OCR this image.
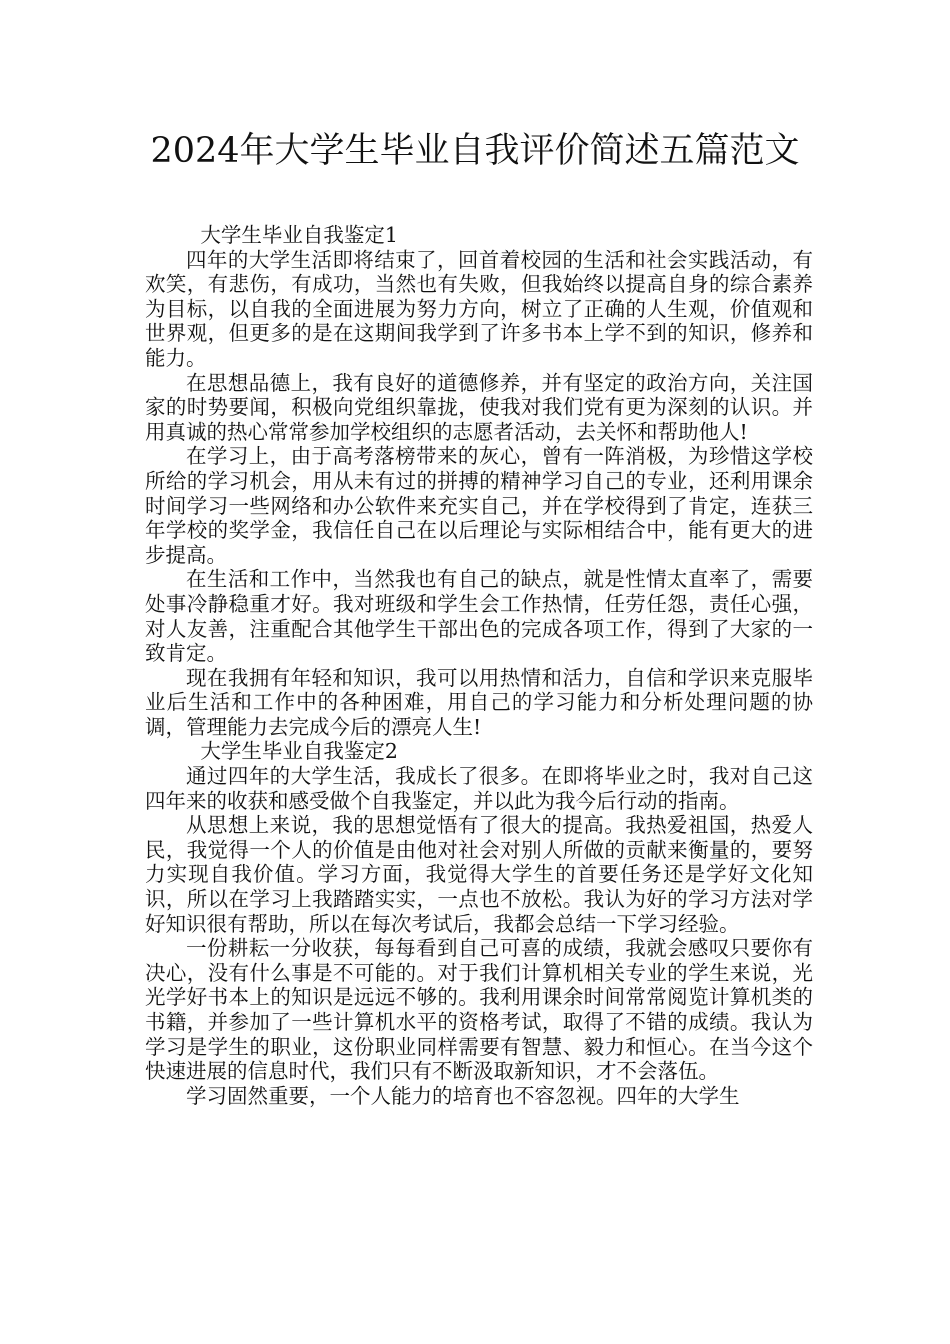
2024年大学生毕业自我评价简述五篇范文

大学生毕业自我鉴定1

四年的大学生活即将结束了，回首着校园的生活和社会实践活动，有欢笑，有悲伤，有成功，当然也有失败，但我始终以提高自身的综合素养为目标，以自我的全面进展为努力方向，树立了正确的人生观，价值观和世界观，但更多的是在这期间我学到了许多书本上学不到的知识，修养和能力。

在思想品德上，我有良好的道德修养，并有坚定的政治方向，关注国家的时势要闻，积极向党组织靠拢，使我对我们党有更为深刻的认识。并用真诚的热心常常参加学校组织的志愿者活动，去关怀和帮助他人!

在学习上，由于高考落榜带来的灰心，曾有一阵消极，为珍惜这学校所给的学习机会，用从未有过的拼搏的精神学习自己的专业，还利用课余时间学习一些网络和办公软件来充实自己，并在学校得到了肯定，连获三年学校的奖学金，我信任自己在以后理论与实际相结合中，能有更大的进步提高。

在生活和工作中，当然我也有自己的缺点，就是性情太直率了，需要处事冷静稳重才好。我对班级和学生会工作热情，任劳任怨，责任心强，对人友善，注重配合其他学生干部出色的完成各项工作，得到了大家的一致肯定。

现在我拥有年轻和知识，我可以用热情和活力，自信和学识来克服毕业后生活和工作中的各种困难，用自己的学习能力和分析处理问题的协调，管理能力去完成今后的漂亮人生!

大学生毕业自我鉴定2

通过四年的大学生活，我成长了很多。在即将毕业之时，我对自己这四年来的收获和感受做个自我鉴定，并以此为我今后行动的指南。

从思想上来说，我的思想觉悟有了很大的提高。我热爱祖国，热爱人民，我觉得一个人的价值是由他对社会对别人所做的贡献来衡量的，要努力实现自我价值。学习方面，我觉得大学生的首要任务还是学好文化知识，所以在学习上我踏踏实实，一点也不放松。我认为好的学习方法对学好知识很有帮助，所以在每次考试后，我都会总结一下学习经验。

一份耕耘一分收获，每每看到自己可喜的成绩，我就会感叹只要你有决心，没有什么事是不可能的。对于我们计算机相关专业的学生来说，光光学好书本上的知识是远远不够的。我利用课余时间常常阅览计算机类的书籍，并参加了一些计算机水平的资格考试，取得了不错的成绩。我认为学习是学生的职业，这份职业同样需要有智慧、毅力和恒心。在当今这个快速进展的信息时代，我们只有不断汲取新知识，才不会落伍。

学习固然重要，一个人能力的培育也不容忽视。四年的大学生
